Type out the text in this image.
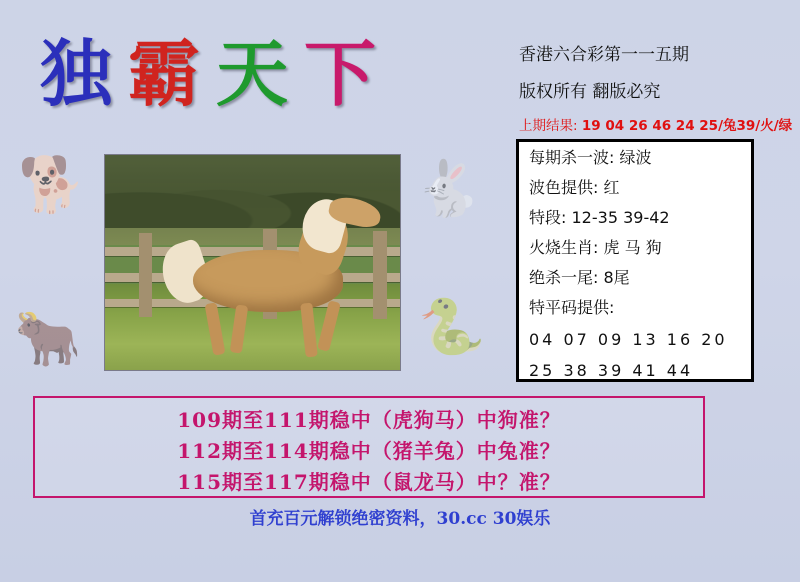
独 霸 天 下	香港六合彩第一一五期
版权所有 翻版必究
上期结果: 19 04 26 46 24 25/兔39/火/绿
每期杀一波: 绿波
波色提供: 红
特段: 12-35 39-42
火烧生肖: 虎 马 狗
绝杀一尾: 8尾
特平码提供:
04 07 09 13 16 20
25 38 39 41 44
🐕
🐂
🐇
🐍
109期至111期稳中（虎狗马）中狗准？
112期至114期稳中（猪羊兔）中兔准？
115期至117期稳中（鼠龙马）中？准？
首充百元解锁绝密资料，30.cc 30娱乐
